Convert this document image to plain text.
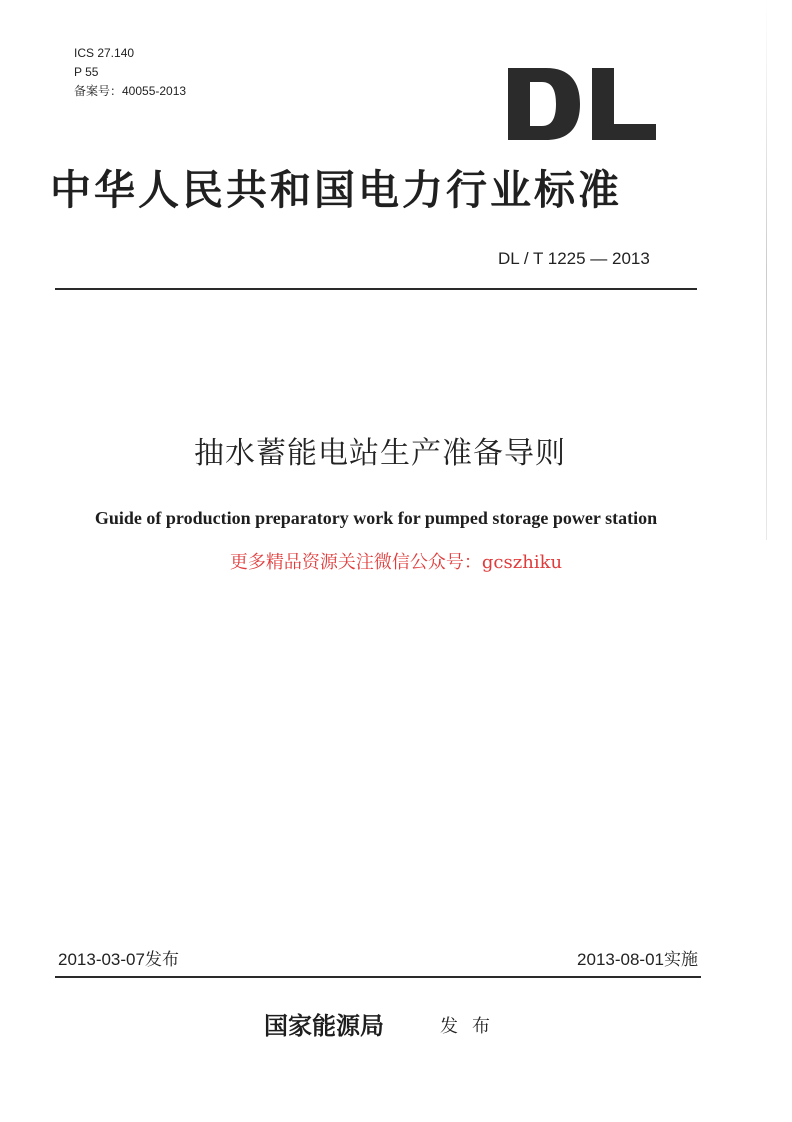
ICS 27.140
P 55
备案号：40055-2013
中华人民共和国电力行业标准
DL / T 1225 — 2013
抽水蓄能电站生产准备导则
Guide of production preparatory work for pumped storage power station
更多精品资源关注微信公众号：gcszhiku
2013-03-07发布	2013-08-01实施
国家能源局	发布
